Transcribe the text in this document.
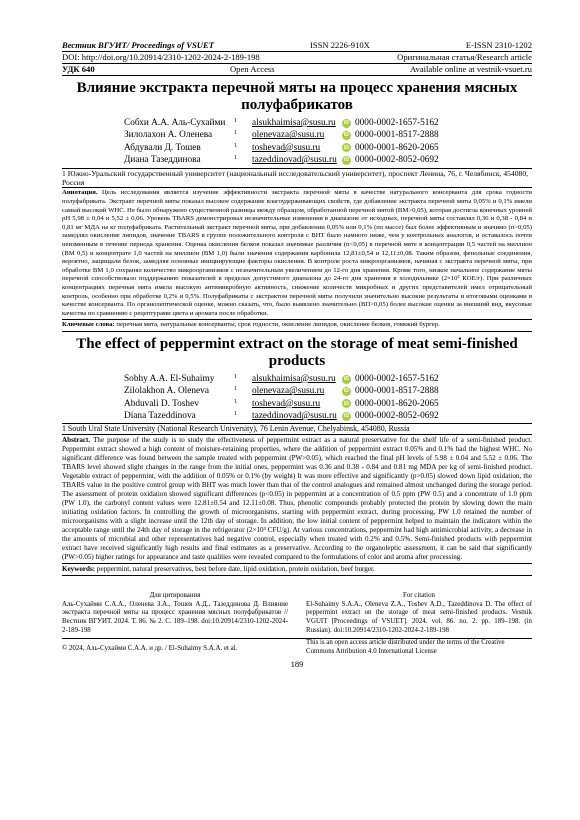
Вестник ВГУИТ/ Proceedings of VSUET	ISSN 2226-910X	E-ISSN 2310-1202
DOI: http://doi.org/10.20914/2310-1202-2024-2-189-198	Оригинальная статья/Research article
УДК 640	Open Access	Available online at vestnik-vsuet.ru
Влияние экстракта перечной мяты на процесс хранения мясных полуфабрикатов
Собхи А.А. Аль-Сухайми	1	alsukhaimisa@susu.ru	iD 0000-0002-1657-5162
Зилолахон А. Оленева	1	olenevaza@susu.ru	iD 0000-0001-8517-2888
Абдували Д. Тошев	1	toshevad@susu.ru	iD 0000-0001-8620-2065
Диана Тазеддинова	1	tazeddinovad@susu.ru	iD 0000-0002-8052-0692
1 Южно-Уральский государственный университет (национальный исследовательский университет), проспект Ленина, 76, г. Челябинск, 454080, Россия
Аннотация. Цель исследования является изучение эффективности экстракта перечной мяты в качестве натурального консерванта для срока годности полуфабриката. Экстракт перечной мяты показал высокое содержание влагоудерживающих свойств, где добавление экстракта перечной мяты 0,05% и 0,1% имели самый высокий WHC. Не было обнаружено существенной разницы между образцом, обработанной перечной мятой (ВМ>0,05), которая достигла конечных уровней pH 5,98 ± 0,04 и 5,52 ± 0,06. Уровень TBARS демонстрировал незначительные изменения в диапазоне от исходных, перечной мяты составлял 0,36 и 0,38 - 0,84 и 0,81 мг МДА на кг полуфабриката. Растительный экстракт перечной мяты, при добавлении 0,05% или 0,1% (по массе) был более эффективным и значимо (п>0,05) замедлял окисление липидов, значение TBARS в группе положительного контроля с ВНТ было намного ниже, чем у контрольных аналогов, и оставалось почти неизменным в течение периода хранения. Оценка окисления белков показал значимые различия (п<0,05) в перечной мяте в концентрации 0,5 частей на миллион (ВМ 0,5) и концентрате 1,0 частей на миллион (ВМ 1,0) были значения содержания карбонила 12,81±0,54 и 12,11±0,08. Таким образом, фенольные соединения, вероятно, защищали белок, замедляя основные инициирующие факторы окисления. В контроле роста микроорганизмов, начиная с экстракта перечной мяты, при обработке ВМ 1,0 сохранял количество микроорганизмов с незначительным увеличением до 12-го дня хранения. Кроме того, низкое начальное содержание мяты перечной способствовало поддержанию показателей в пределах допустимого диапазона до 24-го дня хранения в холодильнике (2×10³ КОЕ/г). При различных концентрациях перечная мята имела высокую антимикробную активность, снижение количеств микробных и других представителей имел отрицательный контроль, особенно при обработке 0,2% и 0,5%. Полуфабрикаты с экстрактом перечной мяты получили значительно высокие результаты и итоговыми оценками в качестве консерванта. По органолептической оценке, можно сказать, что, было выявлено значительно (ВП>0,05) более высокие оценки за внешний вид, вкусовые качества по сравнению с рецептурами цвета и аромата после обработки.
Ключевые слова: перечная мята, натуральные консерванты, срок годности, окисление липидов, окисление белков, говяжий бургер.
The effect of peppermint extract on the storage of meat semi-finished products
Sobhy A.A. El-Suhaimy	1	alsukhaimisa@susu.ru	iD 0000-0002-1657-5162
Zilolakhon A. Oleneva	1	olenevaza@susu.ru	iD 0000-0001-8517-2888
Abduvali D. Toshev	1	toshevad@susu.ru	iD 0000-0001-8620-2065
Diana Tazeddinova	1	tazeddinovad@susu.ru	iD 0000-0002-8052-0692
1 South Ural State University (National Research University), 76 Lenin Avenue, Chelyabinsk, 454080, Russia
Abstract. The purpose of the study is to study the effectiveness of peppermint extract as a natural preservative for the shelf life of a semi-finished product. Peppermint extract showed a high content of moisture-retaining properties, where the addition of peppermint extract 0.05% and 0.1% had the highest WHC. No significant difference was found between the sample treated with peppermint (PW>0.05), which reached the final pH levels of 5.98 ± 0.04 and 5.52 ± 0.06. The TBARS level showed slight changes in the range from the initial ones, peppermint was 0.36 and 0.38 - 0.84 and 0.81 mg MDA per kg of semi-finished product. Vegetable extract of peppermint, with the addition of 0.05% or 0.1% (by weight) It was more effective and significantly (p>0.05) slowed down lipid oxidation, the TBARS value in the positive control group with BHT was much lower than that of the control analogues and remained almost unchanged during the storage period. The assessment of protein oxidation showed significant differences (p<0.05) in peppermint at a concentration of 0.5 ppm (PW 0.5) and a concentrate of 1.0 ppm (PW 1.0), the carbonyl content values were 12.81±0.54 and 12.11±0.08. Thus, phenolic compounds probably protected the protein by slowing down the main initiating oxidation factors. In controlling the growth of microorganisms, starting with peppermint extract, during processing, PW 1.0 retained the number of microorganisms with a slight increase until the 12th day of storage. In addition, the low initial content of peppermint helped to maintain the indicators within the acceptable range until the 24th day of storage in the refrigerator (2×10³ CFU/g). At various concentrations, peppermint had high antimicrobial activity, a decrease in the amounts of microbial and other representatives had negative control, especially when treated with 0.2% and 0.5%. Semi-finished products with peppermint extract have received significantly high results and final estimates as a preservative. According to the organoleptic assessment, it can be said that significantly (PW>0.05) higher ratings for appearance and taste qualities were revealed compared to the formulations of color and aroma after processing.
Keywords: peppermint, natural preservatives, best before date, lipid oxidation, protein oxidation, beef burger.
Для цитирования
Аль-Сухайми С.А.А., Оленева З.А., Тошев А.Д., Тазеддинова Д. Влияние экстракта перечной мяты на процесс хранения мясных полуфабрикатов // Вестник ВГУИТ. 2024. Т. 86. № 2. С. 189–198. doi:10.20914/2310-1202-2024-2-189-198
For citation
El-Suhaimy S.A.A., Oleneva Z.A., Toshev A.D., Tazeddinova D. The effect of peppermint extract on the storage of meat semi-finished products. Vestnik VGUIT [Proceedings of VSUET]. 2024. vol. 86. no. 2. pp. 189–198. (in Russian). doi:10.20914/2310-1202-2024-2-189-198
© 2024, Аль-Сухайми С.А.А. и др. / El-Suhaimy S.A.A. et al.
This is an open access article distributed under the terms of the Creative Commons Attribution 4.0 International License
189
